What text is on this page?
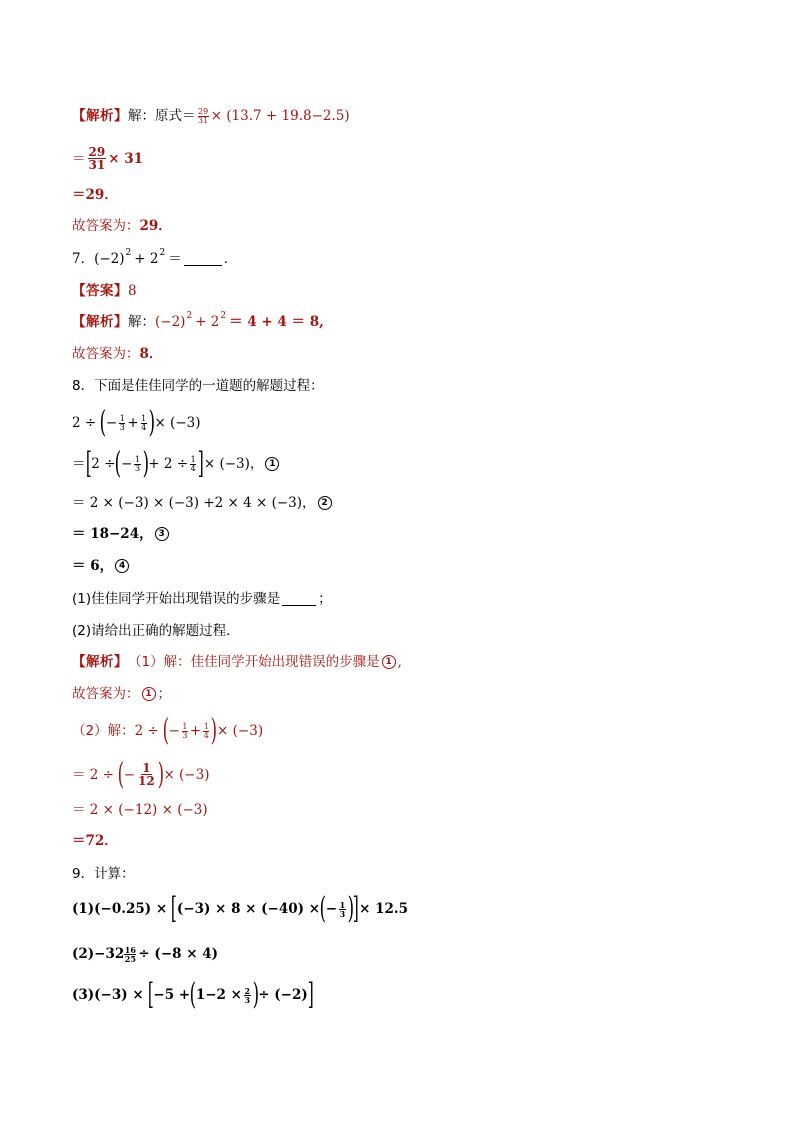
【解析】 解：原式＝ $\frac{29}{31} \times (13.7 + 19.8-2.5)$
＝ $\frac{29}{31} \times 31$
＝29．
故答案为： 29．
7． (−2) 2 + 2 2 ＝	．
【答案】 8
【解析】 解： (−2) 2 + 2 2 ＝ 4 + 4 ＝ 8,
故答案为： 8．
8． 下面是佳佳同学的一道题的解题过程：
2 ÷ ( − $\frac{1}{3} + \frac{1}{4}$ ) × (−3)
＝ [ 2 ÷ ( − $\frac{1}{3}$ ) + $2 \div \frac{1}{4}$ ] × (−3)， 1
＝ 2 × (−3) × (−3) +2 × 4 × (−3)， 2
＝ 18−24， 3
＝ 6， 4
(1)佳佳同学开始出现错误的步骤是	；
(2)请给出正确的解题过程．
【解析】 （1）解：佳佳同学开始出现错误的步骤是 1 ,
故答案为： 1 ；
（2）解： 2 ÷ ( − $\frac{1}{3} + \frac{1}{4}$ ) × (−3)
＝ 2 ÷ ( − $\frac{1}{12}$ ) × (−3)
＝ 2 × (−12) × (−3)
＝72．
9． 计算：
(1)(−0.25) × [ (−3) × 8 × (−40) × ( − $\frac{1}{3}$ ) ] × 12.5
$(2)-32 \frac{16}{25} \div (-8 \times 4)$
(3)(−3) × [ −5 + ( $1-2 \times \frac{2}{3}$ ) ÷ (−2) ]
